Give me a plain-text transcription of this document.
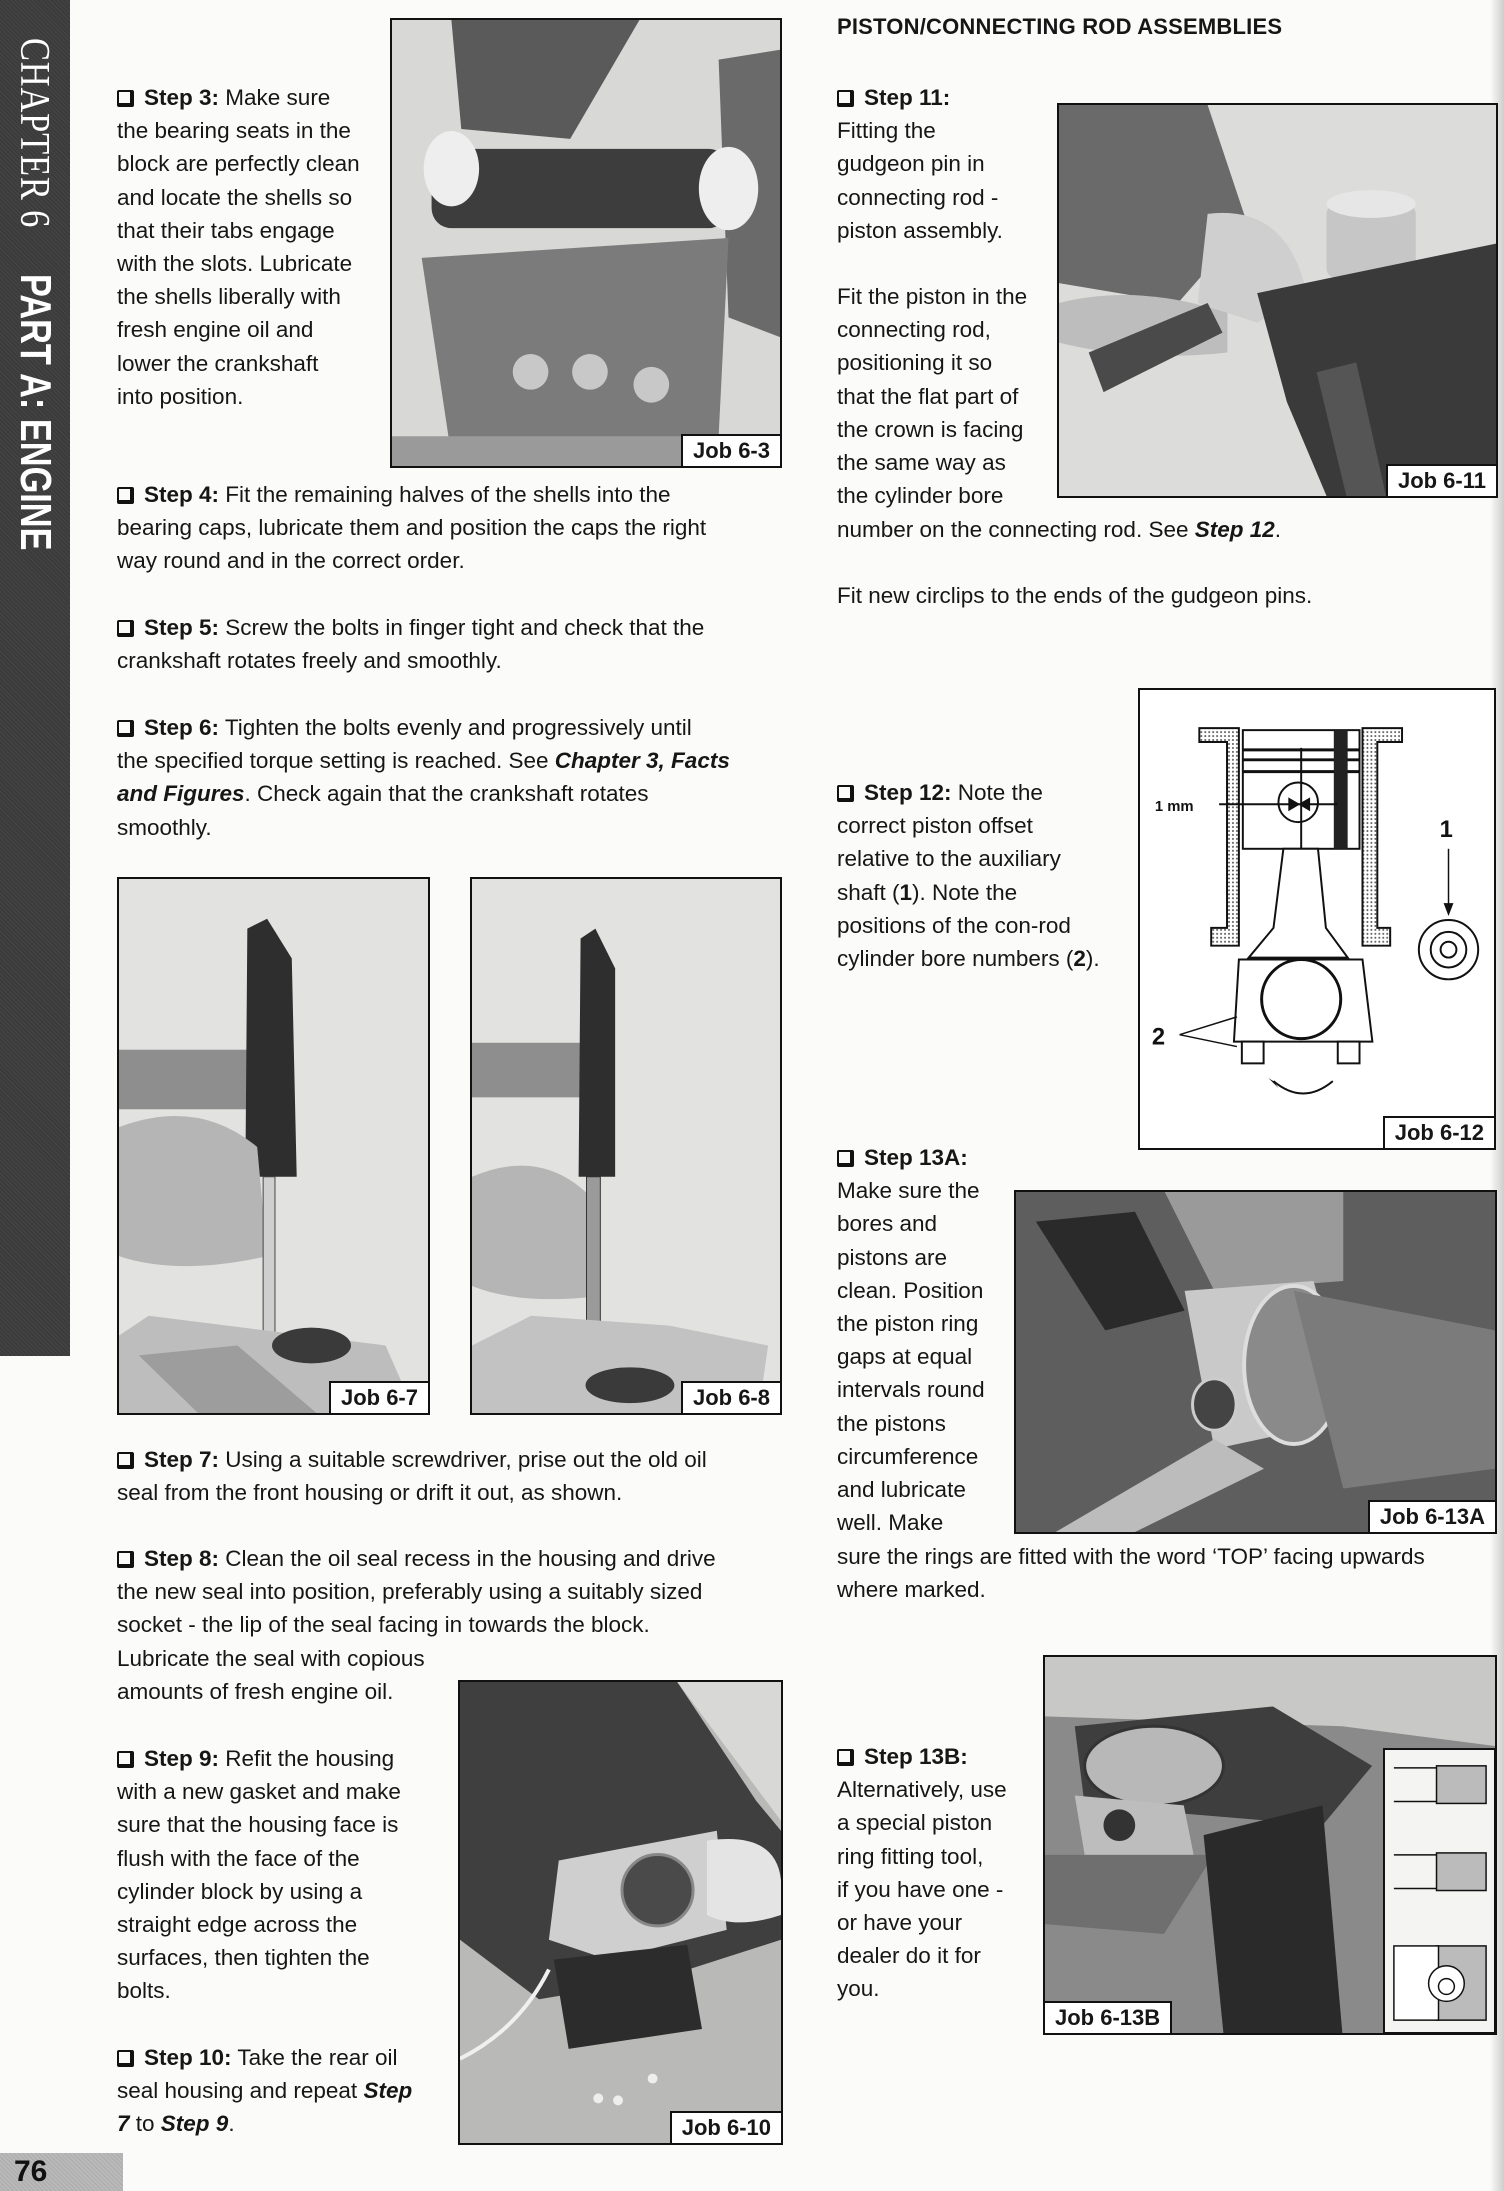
CHAPTER 6 PART A: ENGINE
76

Step 3: Make sure

the bearing seats in the

block are perfectly clean

and locate the shells so

that their tabs engage

with the slots. Lubricate

the shells liberally with

fresh engine oil and

lower the crankshaft

into position.

Job 6-3

Step 4: Fit the remaining halves of the shells into the

bearing caps, lubricate them and position the caps the right

way round and in the correct order.

Step 5: Screw the bolts in finger tight and check that the

crankshaft rotates freely and smoothly.

Step 6: Tighten the bolts evenly and progressively until

the specified torque setting is reached. See Chapter 3, Facts

and Figures. Check again that the crankshaft rotates

smoothly.

Job 6-7	Job 6-8

Step 7: Using a suitable screwdriver, prise out the old oil

seal from the front housing or drift it out, as shown.

Step 8: Clean the oil seal recess in the housing and drive

the new seal into position, preferably using a suitably sized

socket - the lip of the seal facing in towards the block.

Lubricate the seal with copious

amounts of fresh engine oil.

Step 9: Refit the housing

with a new gasket and make

sure that the housing face is

flush with the face of the

cylinder block by using a

straight edge across the

surfaces, then tighten the

bolts.

Step 10: Take the rear oil

seal housing and repeat Step

7 to Step 9.	Job 6-10
PISTON/CONNECTING ROD ASSEMBLIES

Step 11:

Fitting the

gudgeon pin in

connecting rod -

piston assembly.

Fit the piston in the

connecting rod,

positioning it so

that the flat part of

the crown is facing

the same way as

the cylinder bore

number on the connecting rod. See Step 12.

Fit new circlips to the ends of the gudgeon pins.

Job 6-11

Step 12: Note the

correct piston offset

relative to the auxiliary

shaft (1). Note the

positions of the con-rod

cylinder bore numbers (2).

1 mm
1
2
Job 6-12

Step 13A:

Make sure the

bores and

pistons are

clean. Position

the piston ring

gaps at equal

intervals round

the pistons

circumference

and lubricate

well. Make

sure the rings are fitted with the word ‘TOP’ facing upwards

where marked.

Job 6-13A

Step 13B:

Alternatively, use

a special piston

ring fitting tool,

if you have one -

or have your

dealer do it for

you.

Job 6-13B
